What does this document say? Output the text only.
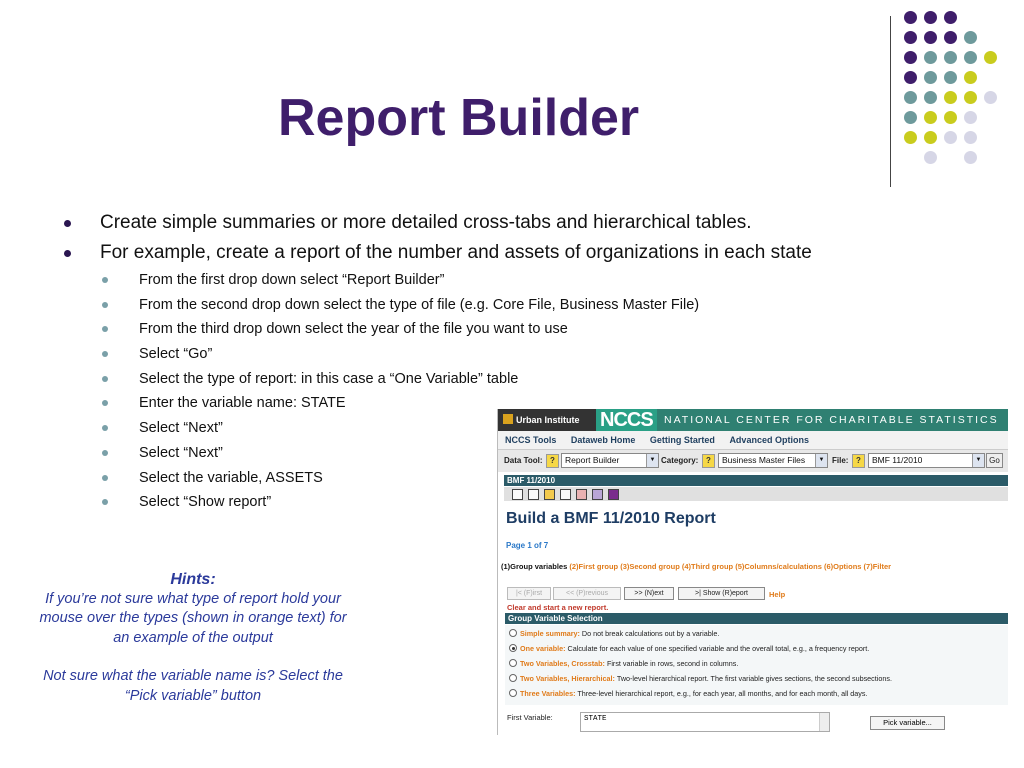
Report Builder
Create simple summaries or more detailed cross-tabs and hierarchical tables.
For example, create a report of the number and assets of organizations in each state
From the first drop down select “Report Builder”
From the second drop down select the type of file (e.g. Core File, Business Master File)
From the third drop down select the year of the file you want to use
Select “Go”
Select the type of report: in this case a “One Variable” table
Enter the variable name: STATE
Select “Next”
Select “Next”
Select the variable, ASSETS
Select “Show report”
Hints:
If you’re not sure what type of report hold your mouse over the types (shown in orange text) for an example of the output
Not sure what the variable name is? Select the “Pick variable” button
Urban Institute	NCCS	NATIONAL CENTER FOR CHARITABLE STATISTICS
NCCS Tools Dataweb Home Getting Started Advanced Options
Data Tool: ?	Report Builder	▼ Category: ?	Business Master Files	▼ File: ?	BMF 11/2010	▼ Go
BMF 11/2010
Build a BMF 11/2010 Report
Page 1 of 7
(1)Group variables (2)First group (3)Second group (4)Third group (5)Columns/calculations (6)Options (7)Filter
|< (F)irst	<< (P)revious	>> (N)ext	>| Show (R)eport	Help
Clear and start a new report.
Group Variable Selection
Simple summary: Do not break calculations out by a variable.
One variable: Calculate for each value of one specified variable and the overall total, e.g., a frequency report.
Two Variables, Crosstab: First variable in rows, second in columns.
Two Variables, Hierarchical: Two-level hierarchical report. The first variable gives sections, the second subsections.
Three Variables: Three-level hierarchical report, e.g., for each year, all months, and for each month, all days.
First Variable:	STATE	Pick variable...
